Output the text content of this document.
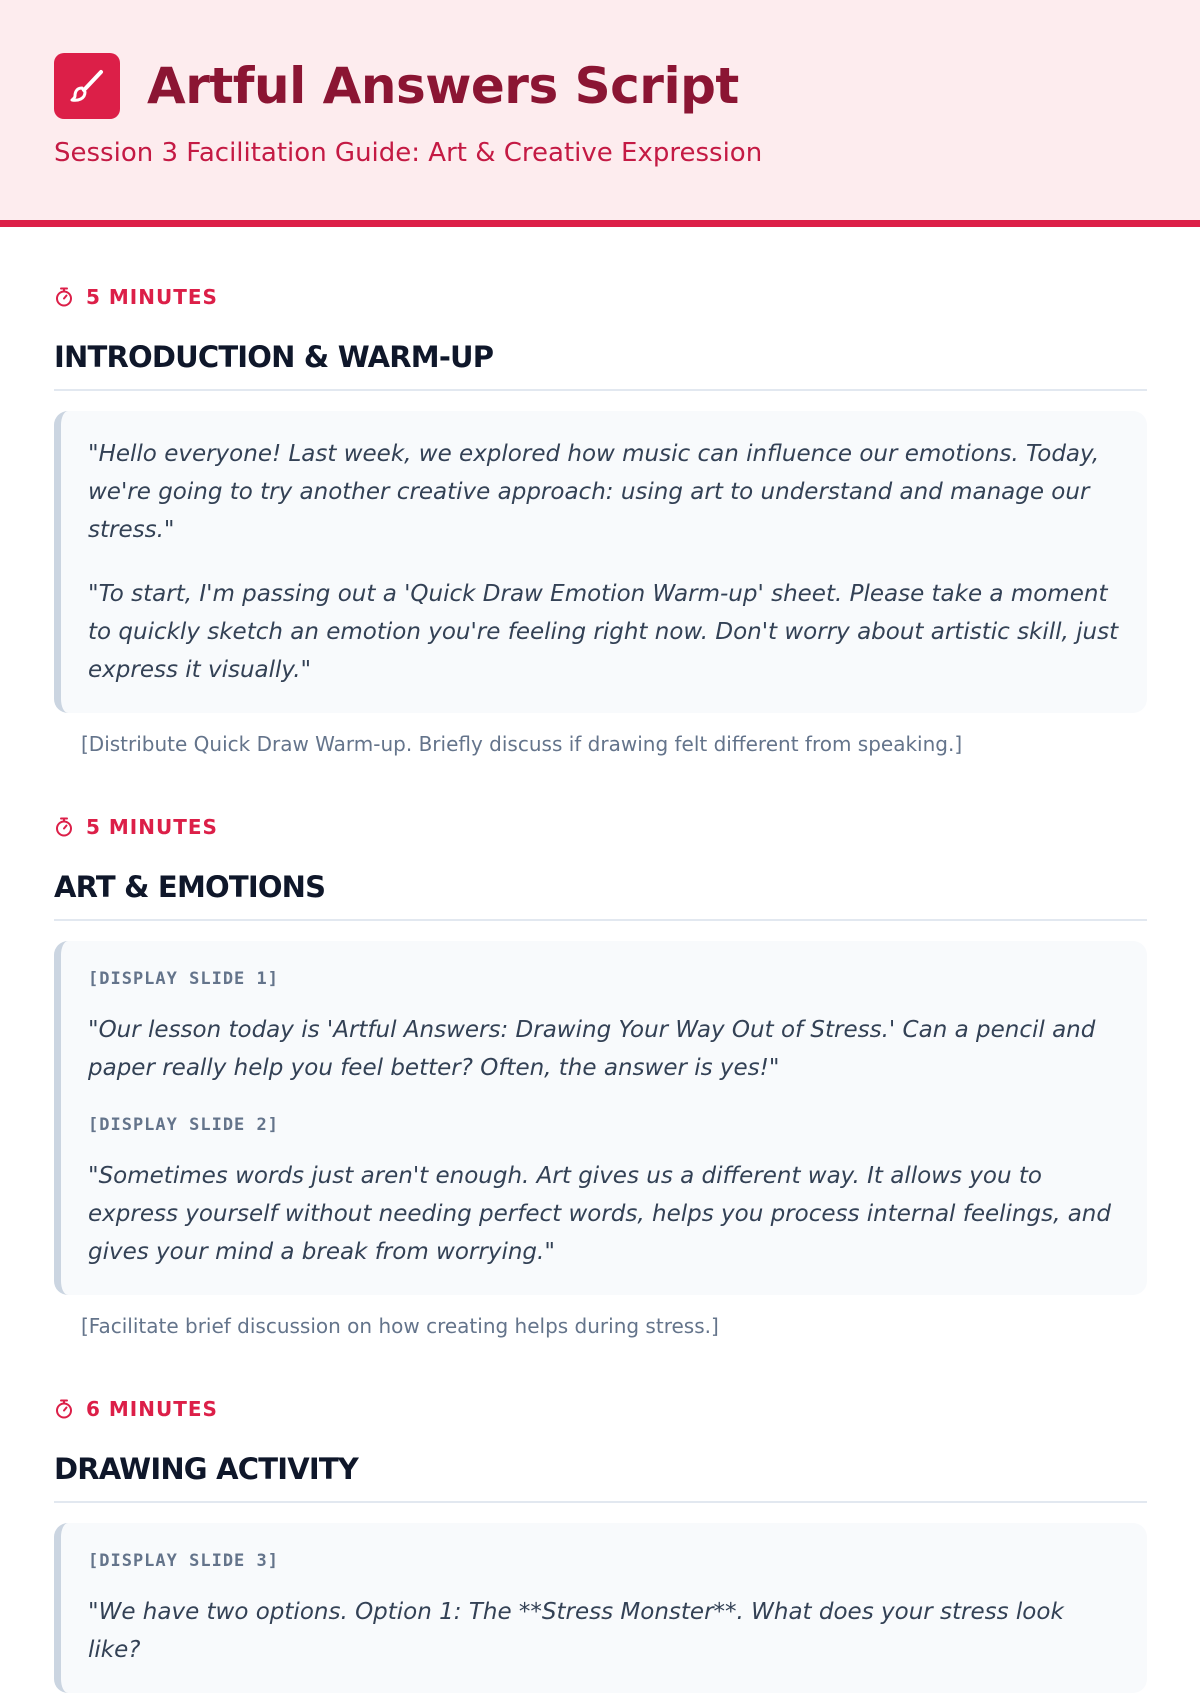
Artful Answers Script

Session 3 Facilitation Guide: Art & Creative Expression

5 MINUTES
INTRODUCTION & WARM-UP

"Hello everyone! Last week, we explored how music can influence our emotions. Today, we're going to try another creative approach: using art to understand and manage our stress."

"To start, I'm passing out a 'Quick Draw Emotion Warm-up' sheet. Please take a moment to quickly sketch an emotion you're feeling right now. Don't worry about artistic skill, just express it visually."

[Distribute Quick Draw Warm-up. Briefly discuss if drawing felt different from speaking.]

5 MINUTES
ART & EMOTIONS

[DISPLAY SLIDE 1]

"Our lesson today is 'Artful Answers: Drawing Your Way Out of Stress.' Can a pencil and paper really help you feel better? Often, the answer is yes!"

[DISPLAY SLIDE 2]

"Sometimes words just aren't enough. Art gives us a different way. It allows you to express yourself without needing perfect words, helps you process internal feelings, and gives your mind a break from worrying."

[Facilitate brief discussion on how creating helps during stress.]

6 MINUTES
DRAWING ACTIVITY

[DISPLAY SLIDE 3]

"We have two options. Option 1: The **Stress Monster**. What does your stress look like?
